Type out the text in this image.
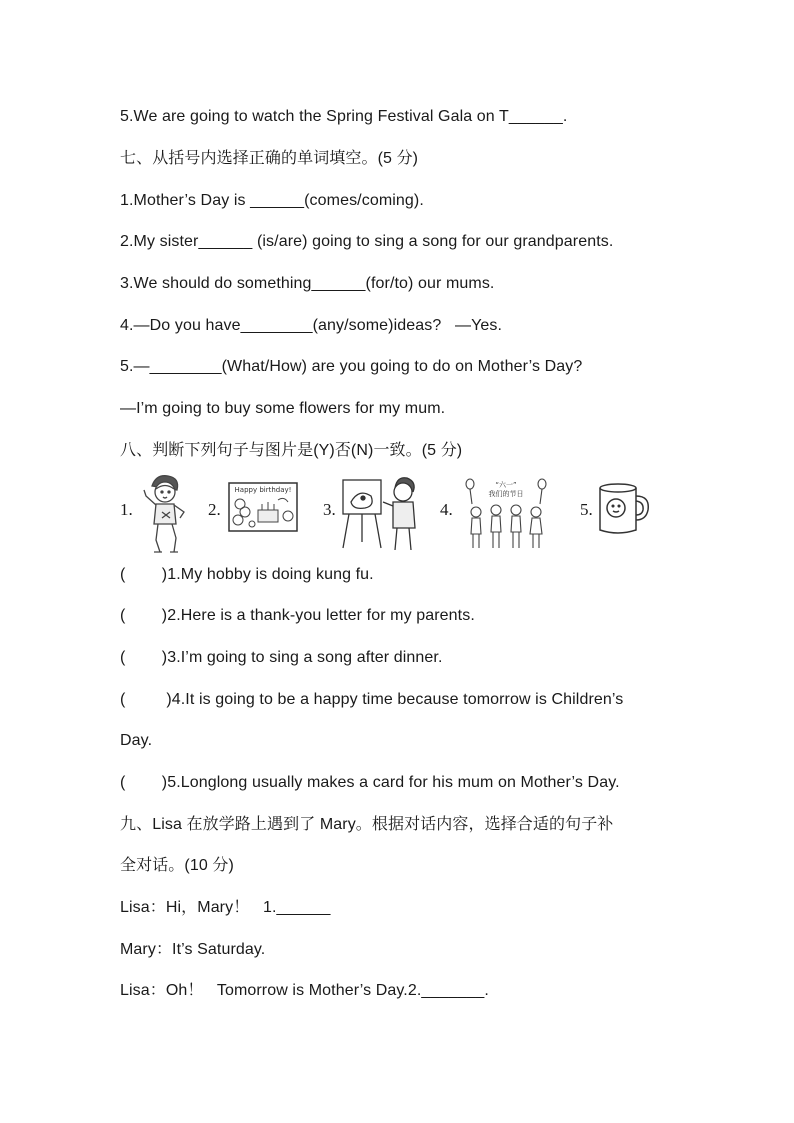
5.We are going to watch the Spring Festival Gala on T______.
七、从括号内选择正确的单词填空。(5 分)
1.Mother’s Day is ______(comes/coming).
2.My sister______ (is/are) going to sing a song for our grandparents.
3.We should do something______(for/to) our mums.
4.—Do you have________(any/some)ideas?   —Yes.
5.—________(What/How) are you going to do on Mother’s Day?
—I’m going to buy some flowers for my mum.
八、判断下列句子与图片是(Y)否(N)一致。(5 分)
1.	2.
Happy birthday!
3.	4.
“六一”
我们的节日
5.
(        )1.My hobby is doing kung fu.
(        )2.Here is a thank-you letter for my parents.
(        )3.I’m going to sing a song after dinner.
(         )4.It is going to be a happy time because tomorrow is Children’s
Day.
(        )5.Longlong usually makes a card for his mum on Mother’s Day.
九、Lisa 在放学路上遇到了 Mary。根据对话内容，选择合适的句子补
全对话。(10 分)
Lisa：Hi，Mary！   1.______
Mary：It’s Saturday.
Lisa：Oh！   Tomorrow is Mother’s Day.2._______.
